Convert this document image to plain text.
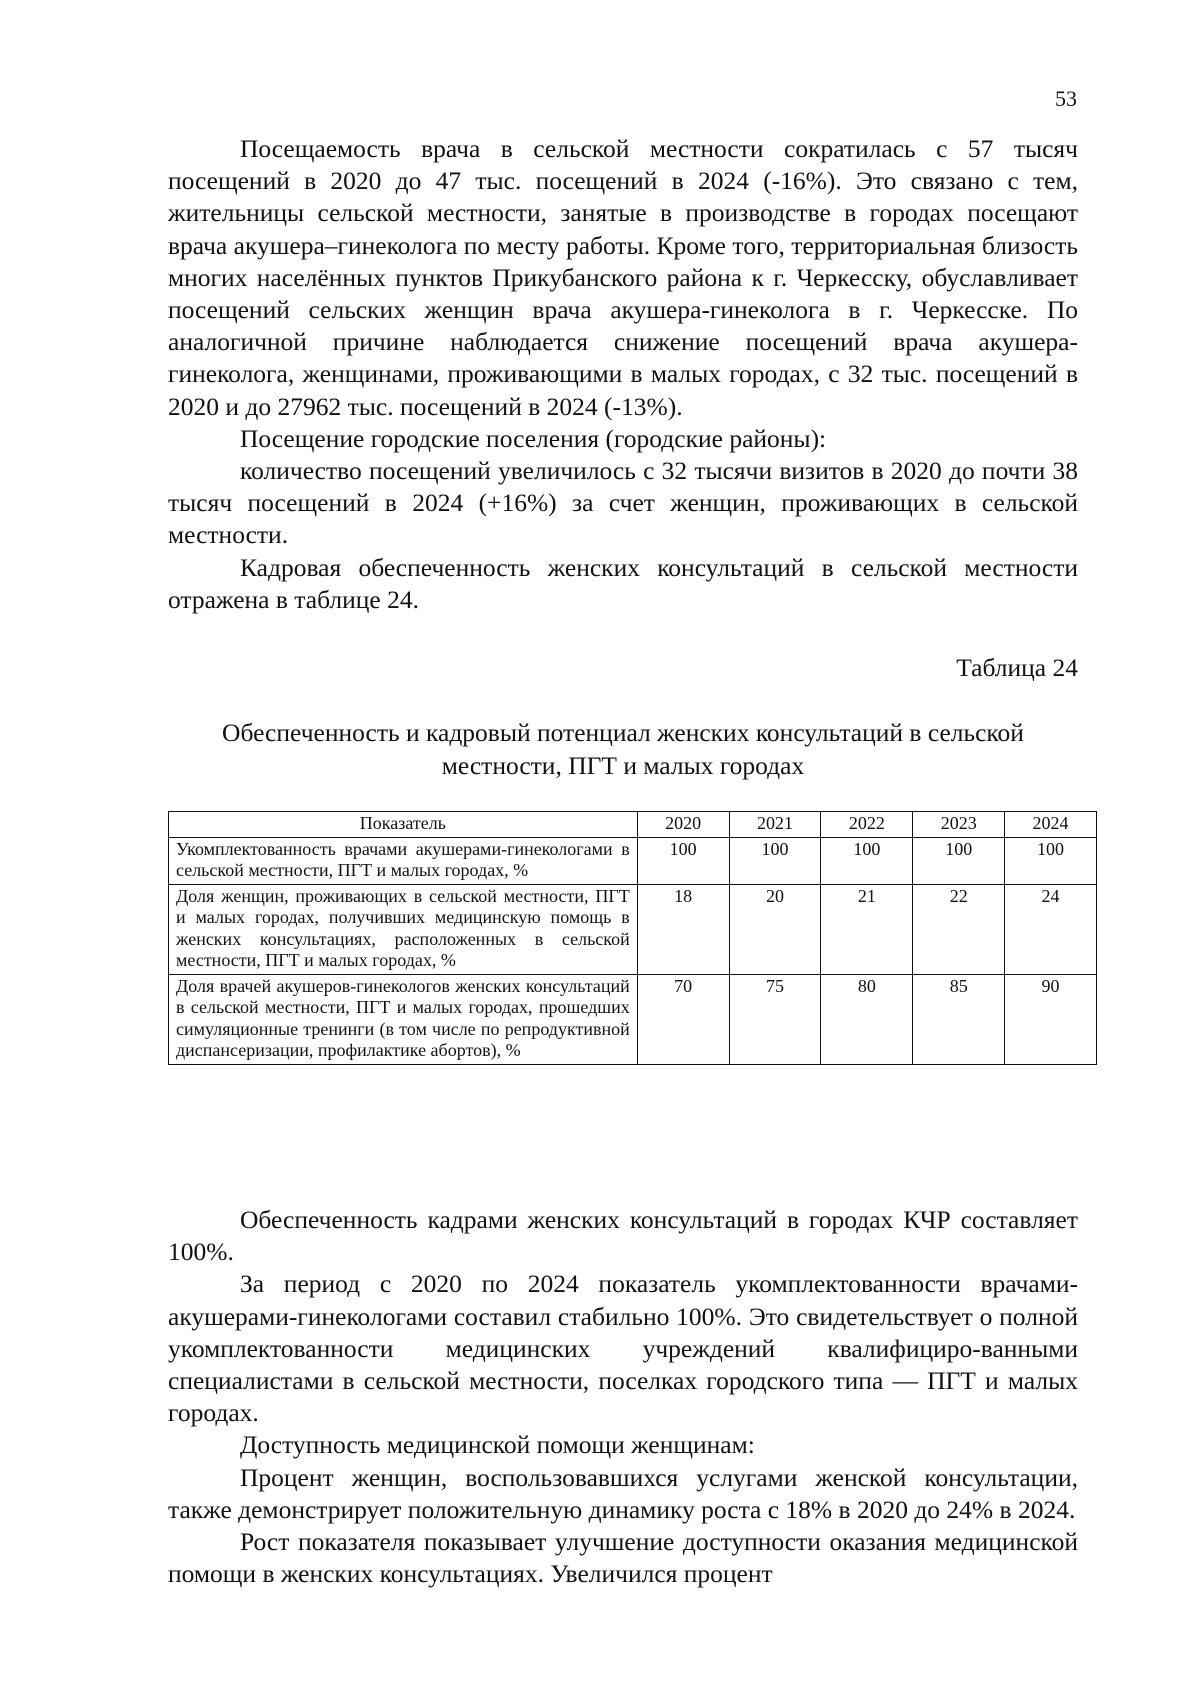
53

Посещаемость врача в сельской местности сократилась с 57 тысяч посещений в 2020 до 47 тыс. посещений в 2024 (-16%). Это связано с тем, жительницы сельской местности, занятые в производстве в городах посещают врача акушера–гинеколога по месту работы. Кроме того, территориальная близость многих населённых пунктов Прикубанского района к г. Черкесску, обуславливает посещений сельских женщин врача акушера-гинеколога в г. Черкесске. По аналогичной причине наблюдается снижение посещений врача акушера-гинеколога, женщинами, проживающими в малых городах, с 32 тыс. посещений в 2020 и до 27962 тыс. посещений в 2024 (-13%).

Посещение городские поселения (городские районы):

количество посещений увеличилось с 32 тысячи визитов в 2020 до почти 38 тысяч посещений в 2024 (+16%) за счет женщин, проживающих в сельской местности.

Кадровая обеспеченность женских консультаций в сельской местности отражена в таблице 24.

Таблица 24
Обеспеченность и кадровый потенциал женских консультаций в сельской
местности, ПГТ и малых городах
Показатель	2020	2021	2022	2023	2024
Укомплектованность врачами акушерами-гинекологами в сельской местности, ПГТ и малых городах, %	100	100	100	100	100
Доля женщин, проживающих в сельской местности, ПГТ и малых городах, получивших медицинскую помощь в женских консультациях, расположенных в сельской местности, ПГТ и малых городах, %	18	20	21	22	24
Доля врачей акушеров-гинекологов женских консультаций в сельской местности, ПГТ и малых городах, прошедших симуляционные тренинги (в том числе по репродуктивной диспансеризации, профилактике абортов), %	70	75	80	85	90

Обеспеченность кадрами женских консультаций в городах КЧР составляет 100%.

За период с 2020 по 2024 показатель укомплектованности врачами-акушерами-гинекологами составил стабильно 100%. Это свидетельствует о полной укомплектованности медицинских учреждений квалифициро-ванными специалистами в сельской местности, поселках городского типа — ПГТ и малых городах.

Доступность медицинской помощи женщинам:

Процент женщин, воспользовавшихся услугами женской консультации, также демонстрирует положительную динамику роста с 18% в 2020 до 24% в 2024.

Рост показателя показывает улучшение доступности оказания медицинской помощи в женских консультациях. Увеличился процент
